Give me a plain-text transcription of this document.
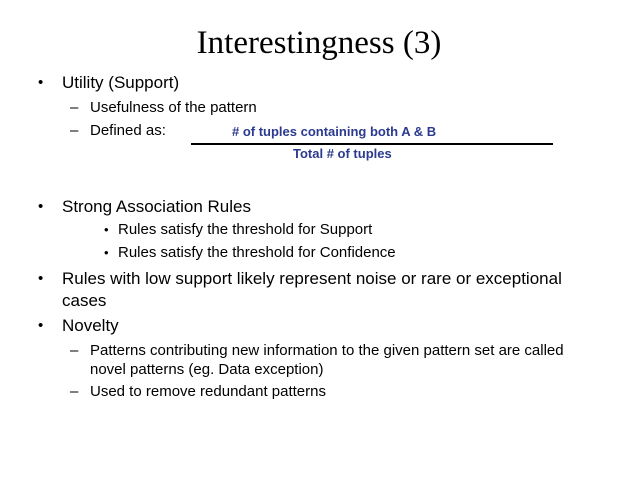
Interestingness (3)
• Utility (Support)
– Usefulness of the pattern
– Defined as:	# of tuples containing both A & B
Total # of tuples
• Strong Association Rules
• Rules satisfy the threshold for Support
• Rules satisfy the threshold for Confidence
• Rules with low support likely represent noise or rare or exceptional
cases
• Novelty
– Patterns contributing new information to the given pattern set are called
novel patterns (eg. Data exception)
– Used to remove redundant patterns
